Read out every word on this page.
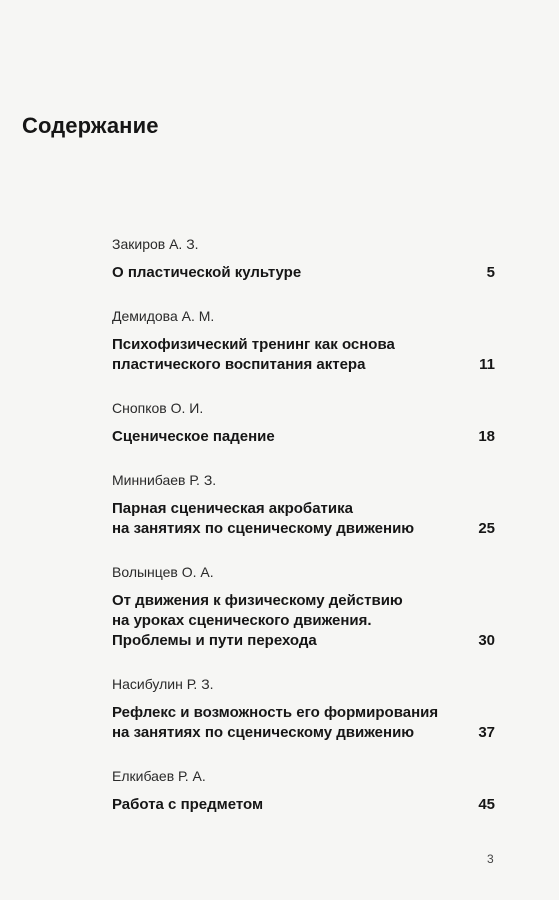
Содержание
Закиров А. З.
О пластической культуре	5
Демидова А. М.
Психофизический тренинг как основа
пластического воспитания актера	11
Снопков О. И.
Сценическое падение	18
Миннибаев Р. З.
Парная сценическая акробатика
на занятиях по сценическому движению	25
Волынцев О. А.
От движения к физическому действию
на уроках сценического движения.
Проблемы и пути перехода	30
Насибулин Р. З.
Рефлекс и возможность его формирования
на занятиях по сценическому движению	37
Елкибаев Р. А.
Работа с предметом	45
3
